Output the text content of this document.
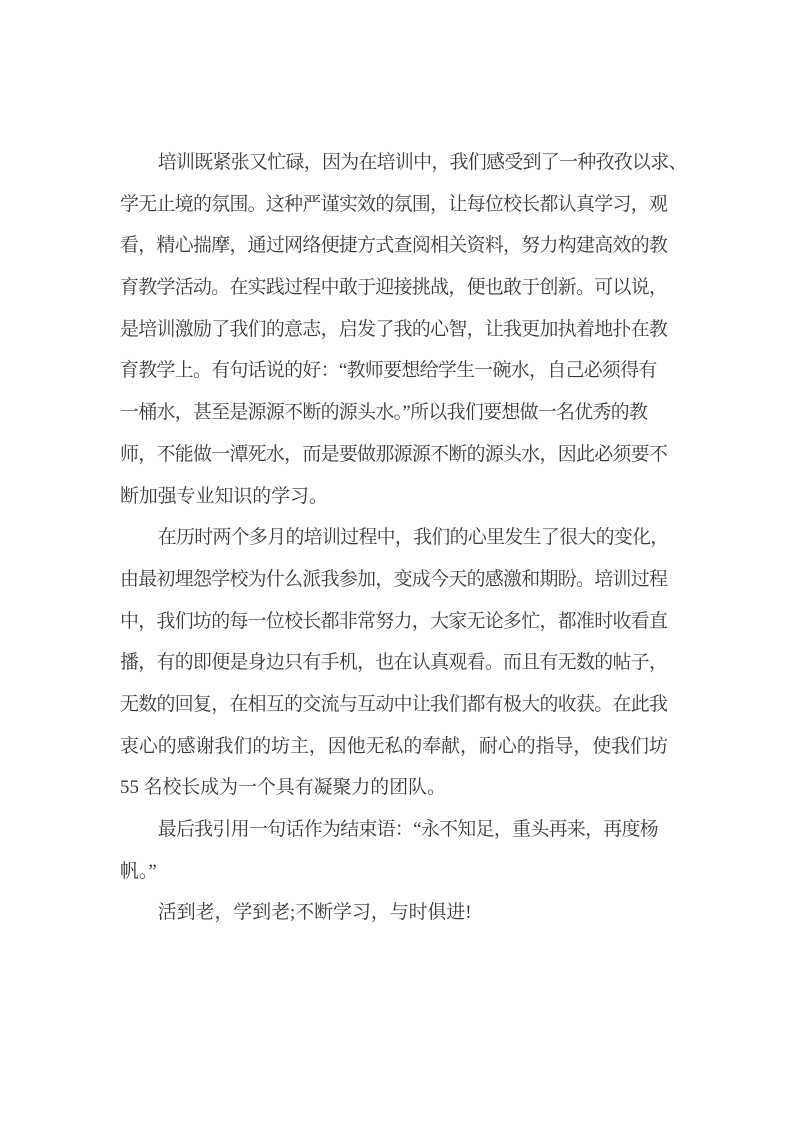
培训既紧张又忙碌，因为在培训中，我们感受到了一种孜孜以求、
学无止境的氛围。这种严谨实效的氛围，让每位校长都认真学习，观
看，精心揣摩，通过网络便捷方式查阅相关资料，努力构建高效的教
育教学活动。在实践过程中敢于迎接挑战，便也敢于创新。可以说，
是培训激励了我们的意志，启发了我的心智，让我更加执着地扑在教
育教学上。有句话说的好：“教师要想给学生一碗水，自己必须得有
一桶水，甚至是源源不断的源头水。”所以我们要想做一名优秀的教
师，不能做一潭死水，而是要做那源源不断的源头水，因此必须要不
断加强专业知识的学习。
在历时两个多月的培训过程中，我们的心里发生了很大的变化，
由最初埋怨学校为什么派我参加，变成今天的感激和期盼。培训过程
中，我们坊的每一位校长都非常努力，大家无论多忙，都准时收看直
播，有的即便是身边只有手机，也在认真观看。而且有无数的帖子，
无数的回复，在相互的交流与互动中让我们都有极大的收获。在此我
衷心的感谢我们的坊主，因他无私的奉献，耐心的指导，使我们坊
55 名校长成为一个具有凝聚力的团队。
最后我引用一句话作为结束语：“永不知足，重头再来，再度杨
帆。”
活到老，学到老;不断学习，与时俱进!
